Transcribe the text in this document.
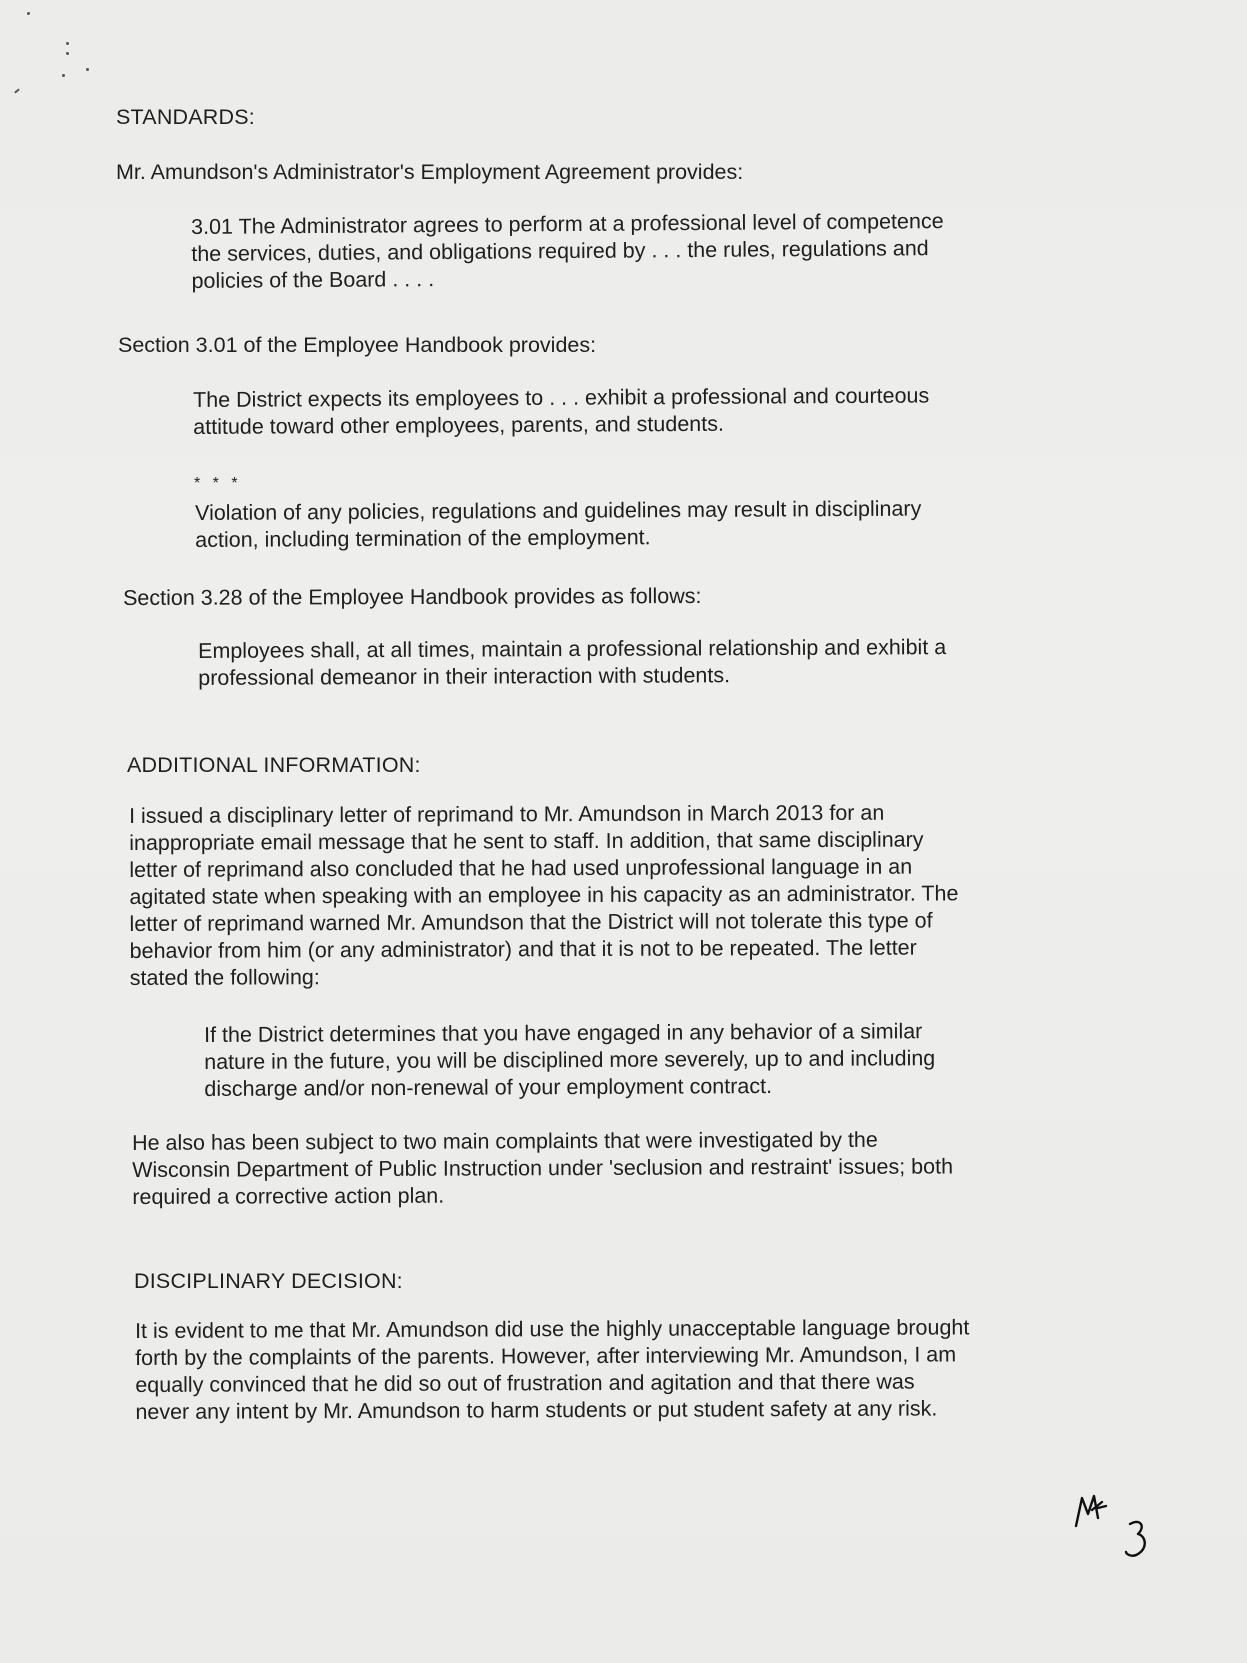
STANDARDS:

Mr. Amundson's Administrator's Employment Agreement provides:

3.01 The Administrator agrees to perform at a professional level of competence
the services, duties, and obligations required by . . . the rules, regulations and
policies of the Board . . . .

Section 3.01 of the Employee Handbook provides:

The District expects its employees to . . . exhibit a professional and courteous
attitude toward other employees, parents, and students.

* * *

Violation of any policies, regulations and guidelines may result in disciplinary
action, including termination of the employment.

Section 3.28 of the Employee Handbook provides as follows:

Employees shall, at all times, maintain a professional relationship and exhibit a
professional demeanor in their interaction with students.

ADDITIONAL INFORMATION:

I issued a disciplinary letter of reprimand to Mr. Amundson in March 2013 for an
inappropriate email message that he sent to staff. In addition, that same disciplinary
letter of reprimand also concluded that he had used unprofessional language in an
agitated state when speaking with an employee in his capacity as an administrator. The
letter of reprimand warned Mr. Amundson that the District will not tolerate this type of
behavior from him (or any administrator) and that it is not to be repeated. The letter
stated the following:

If the District determines that you have engaged in any behavior of a similar
nature in the future, you will be disciplined more severely, up to and including
discharge and/or non-renewal of your employment contract.

He also has been subject to two main complaints that were investigated by the
Wisconsin Department of Public Instruction under 'seclusion and restraint' issues; both
required a corrective action plan.

DISCIPLINARY DECISION:

It is evident to me that Mr. Amundson did use the highly unacceptable language brought
forth by the complaints of the parents. However, after interviewing Mr. Amundson, I am
equally convinced that he did so out of frustration and agitation and that there was
never any intent by Mr. Amundson to harm students or put student safety at any risk.
